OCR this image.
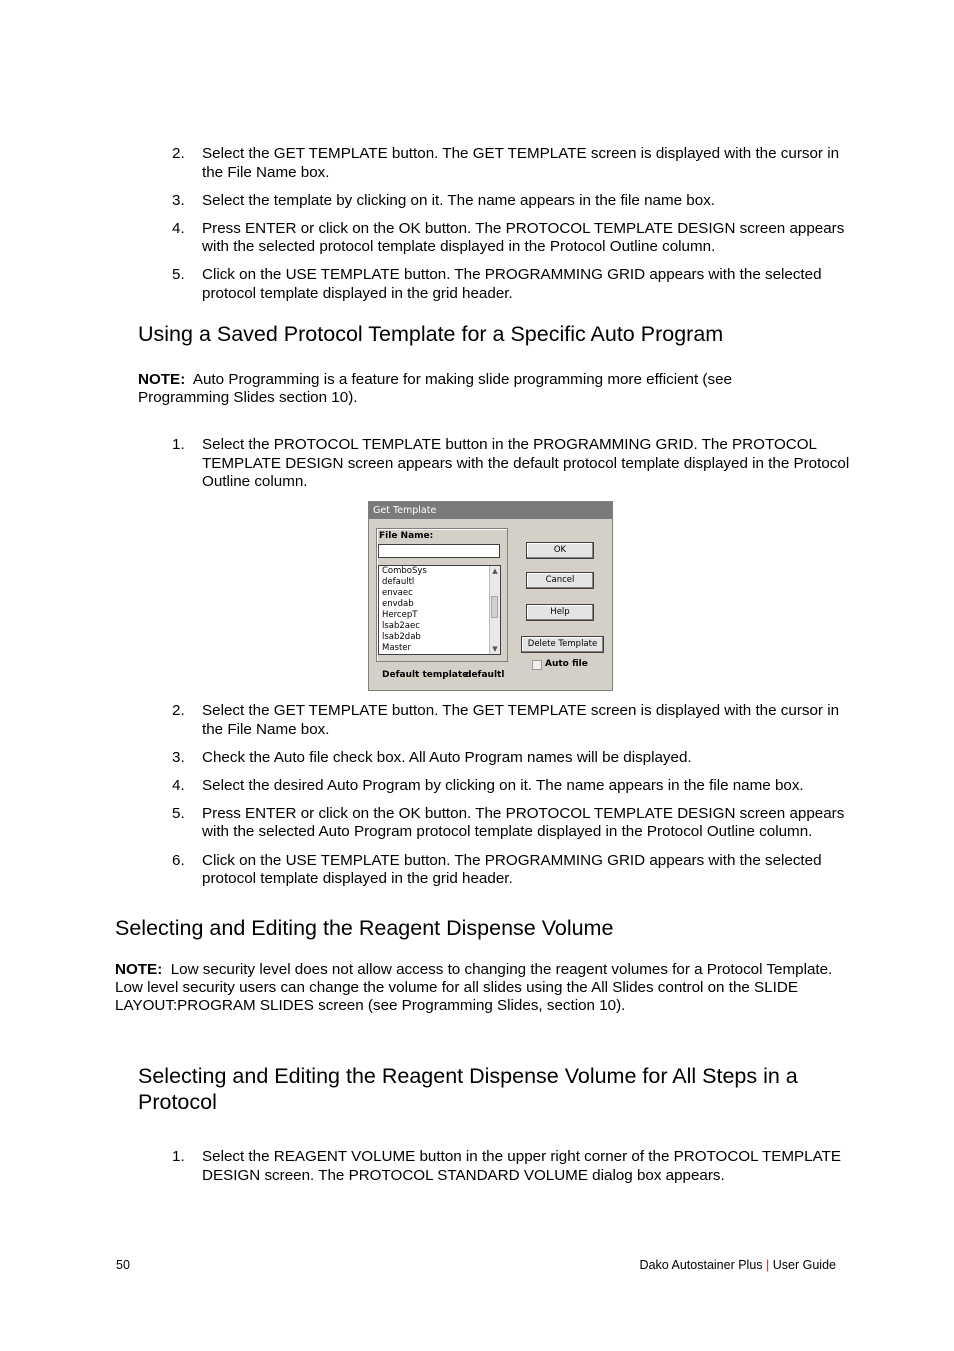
2. Select the GET TEMPLATE button. The GET TEMPLATE screen is displayed with the cursor in the File Name box.
3. Select the template by clicking on it. The name appears in the file name box.
4. Press ENTER or click on the OK button. The PROTOCOL TEMPLATE DESIGN screen appears with the selected protocol template displayed in the Protocol Outline column.
5. Click on the USE TEMPLATE button. The PROGRAMMING GRID appears with the selected protocol template displayed in the grid header.
Using a Saved Protocol Template for a Specific Auto Program

NOTE: Auto Programming is a feature for making slide programming more efficient (see Programming Slides section 10).

1. Select the PROTOCOL TEMPLATE button in the PROGRAMMING GRID. The PROTOCOL TEMPLATE DESIGN screen appears with the default protocol template displayed in the Protocol Outline column.
Get Template
File Name:
ComboSys
defaultl
envaec
envdab
HercepT
lsab2aec
lsab2dab
Master
▲
▼
OK
Cancel
Help
Delete Template
Auto file
Default template:
defaultl
2. Select the GET TEMPLATE button. The GET TEMPLATE screen is displayed with the cursor in the File Name box.
3. Check the Auto file check box. All Auto Program names will be displayed.
4. Select the desired Auto Program by clicking on it. The name appears in the file name box.
5. Press ENTER or click on the OK button. The PROTOCOL TEMPLATE DESIGN screen appears with the selected Auto Program protocol template displayed in the Protocol Outline column.
6. Click on the USE TEMPLATE button. The PROGRAMMING GRID appears with the selected protocol template displayed in the grid header.
Selecting and Editing the Reagent Dispense Volume

NOTE: Low security level does not allow access to changing the reagent volumes for a Protocol Template. Low level security users can change the volume for all slides using the All Slides control on the SLIDE LAYOUT:PROGRAM SLIDES screen (see Programming Slides, section 10).

Selecting and Editing the Reagent Dispense Volume for All Steps in a Protocol
1. Select the REAGENT VOLUME button in the upper right corner of the PROTOCOL TEMPLATE DESIGN screen. The PROTOCOL STANDARD VOLUME dialog box appears.
50	Dako Autostainer Plus | User Guide
